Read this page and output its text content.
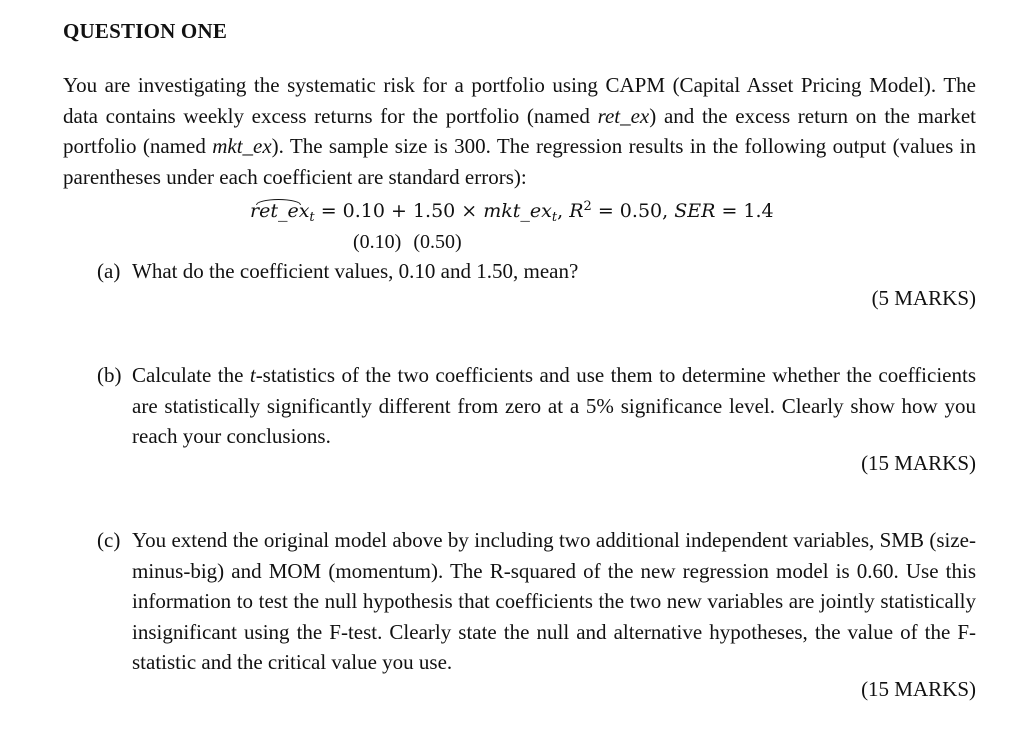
QUESTION ONE

You are investigating the systematic risk for a portfolio using CAPM (Capital Asset Pricing Model). The data contains weekly excess returns for the portfolio (named ret_ex) and the excess return on the market portfolio (named mkt_ex). The sample size is 300. The regression results in the following output (values in parentheses under each coefficient are standard errors):

$ret\_ex_t = 0.10 + 1.50$ × $mkt\_ex_t$, $R^2 = 0.50$, SER = 1.4
(0.10) (0.50)
(a) What do the coefficient values, 0.10 and 1.50, mean?
(5 MARKS)
(b) Calculate the t-statistics of the two coefficients and use them to determine whether the coefficients are statistically significantly different from zero at a 5% significance level. Clearly show how you reach your conclusions.
(15 MARKS)
(c) You extend the original model above by including two additional independent variables, SMB (size-minus-big) and MOM (momentum). The R-squared of the new regression model is 0.60. Use this information to test the null hypothesis that coefficients the two new variables are jointly statistically insignificant using the F-test. Clearly state the null and alternative hypotheses, the value of the F-statistic and the critical value you use.
(15 MARKS)
